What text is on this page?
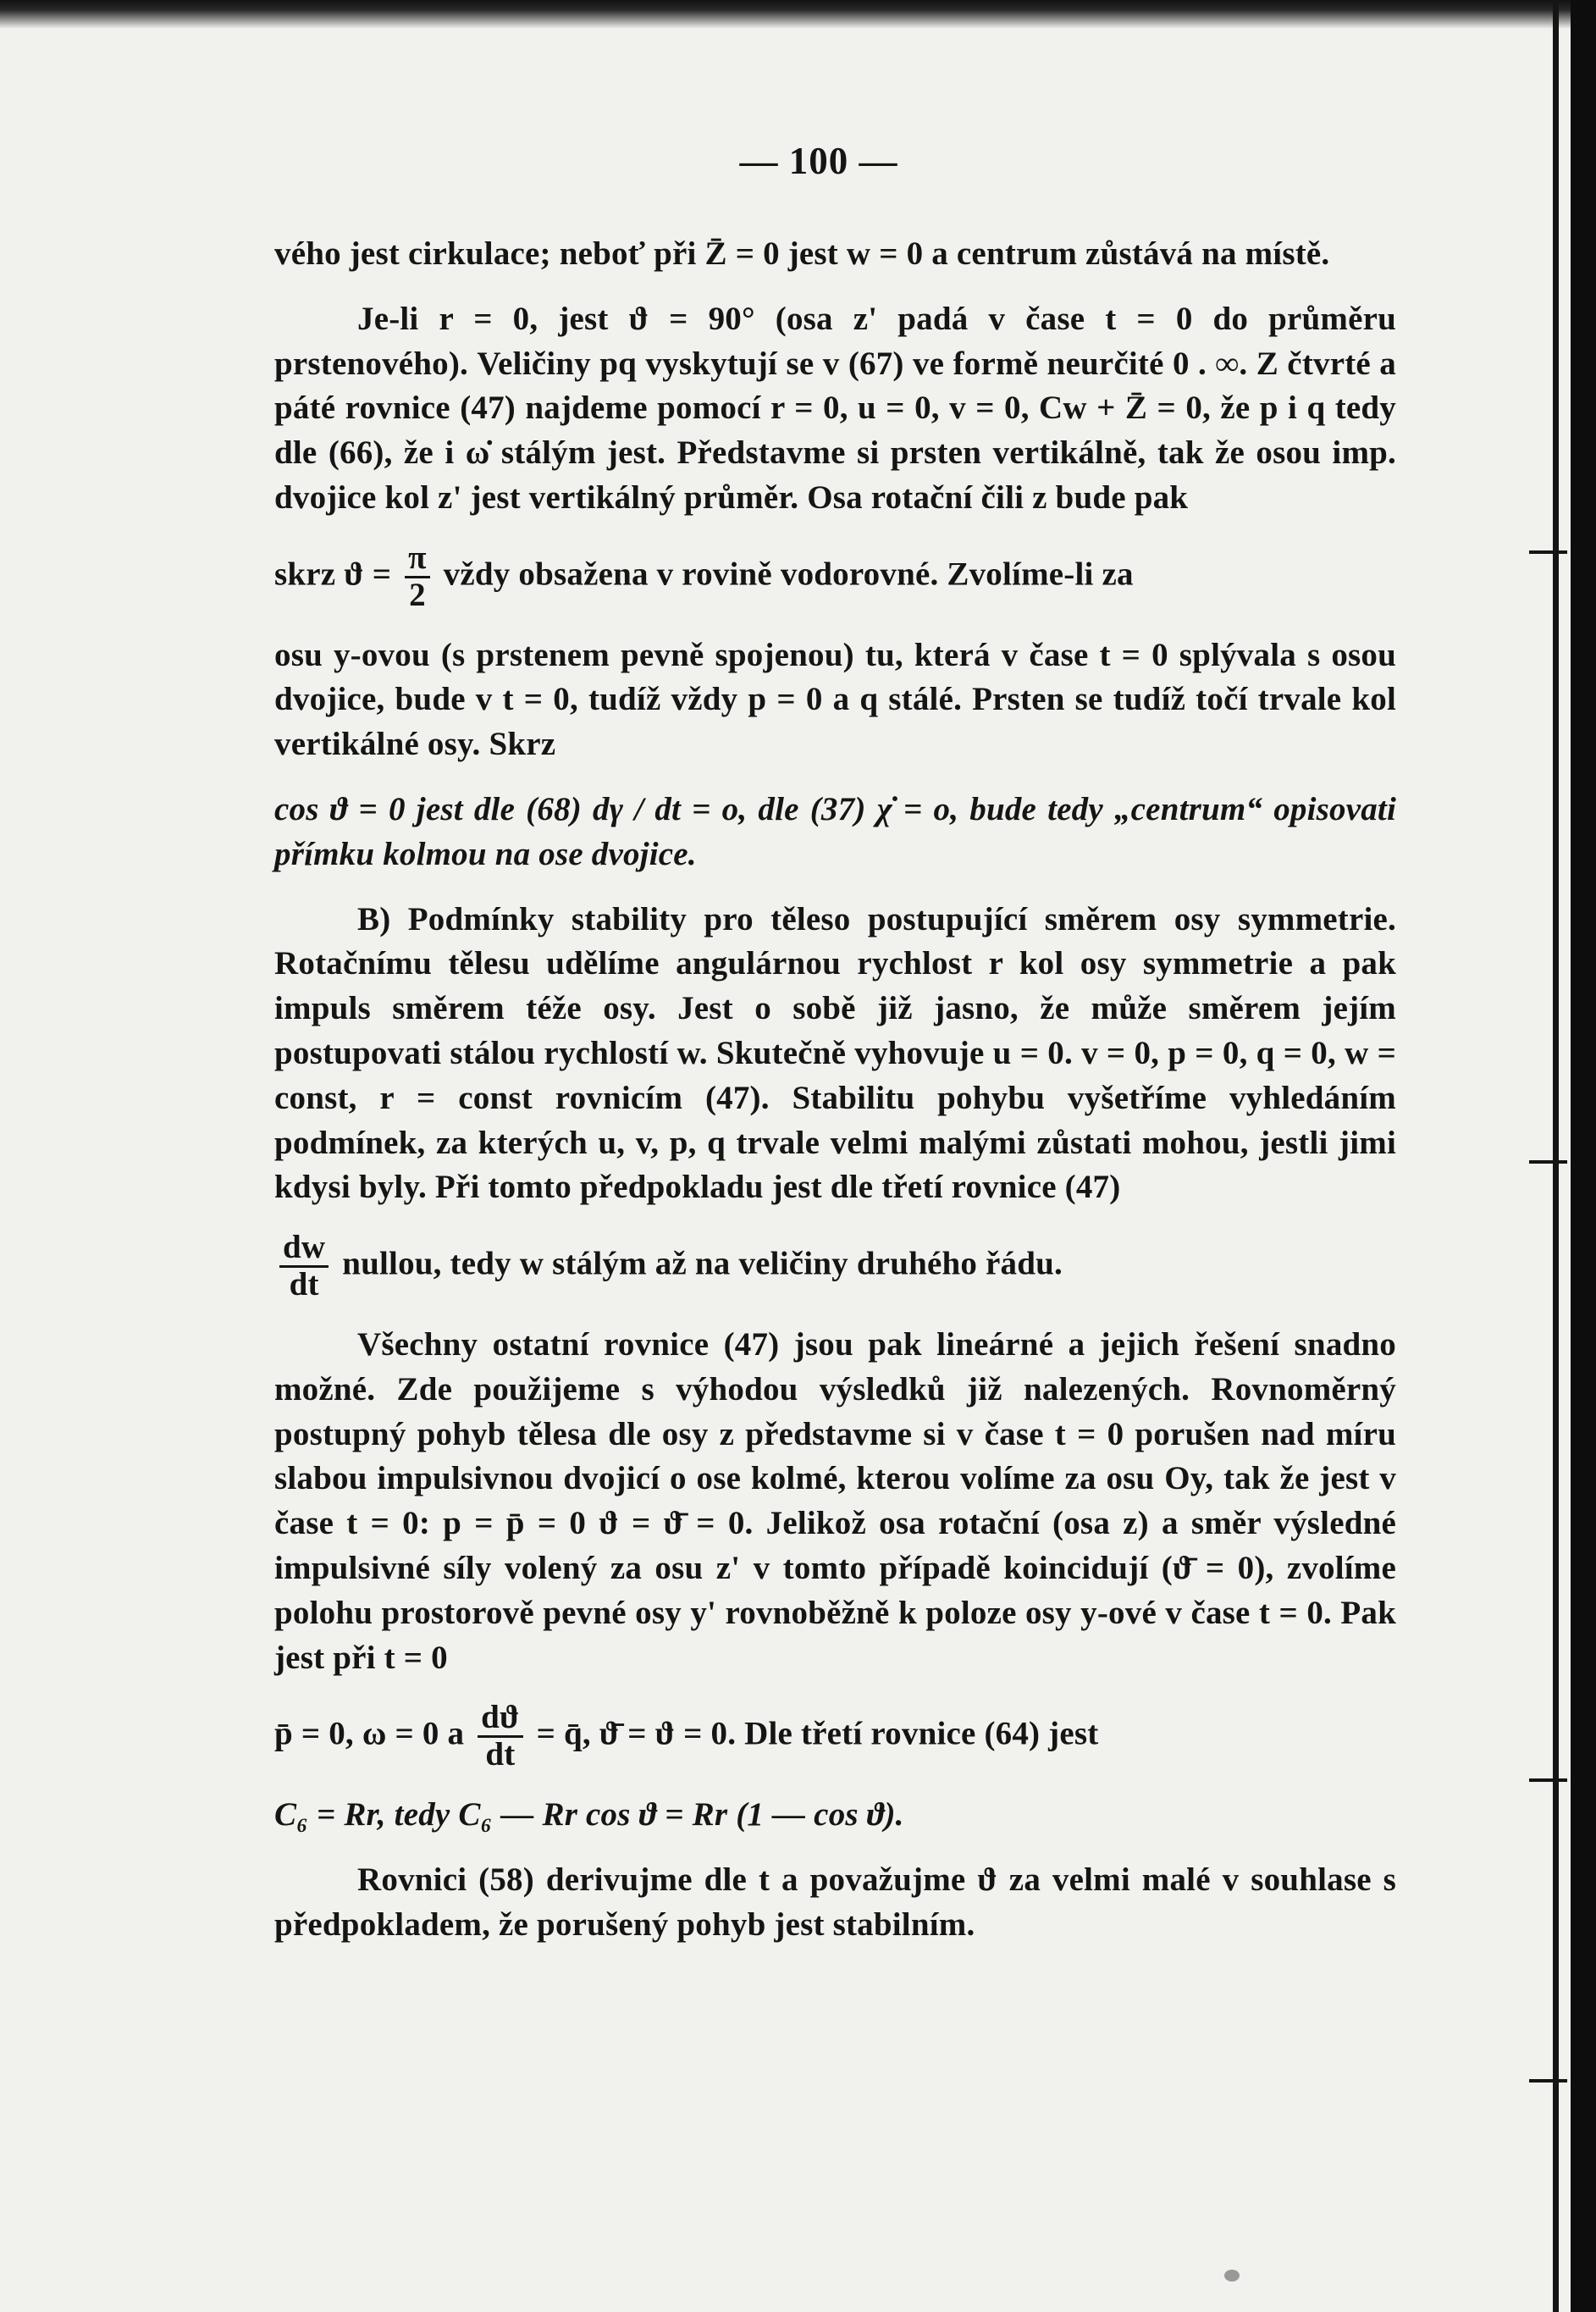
— 100 —

vého jest cirkulace; neboť při Z̄ = 0 jest w = 0 a centrum zůstává na místě.

Je-li r = 0, jest ϑ = 90° (osa z' padá v čase t = 0 do průměru prstenového). Veličiny pq vyskytují se v (67) ve formě neurčité 0 . ∞. Z čtvrté a páté rovnice (47) najdeme pomocí r = 0, u = 0, v = 0, Cw + Z̄ = 0, že p i q tedy dle (66), že i ω̇ stálým jest. Představme si prsten vertikálně, tak že osou imp. dvojice kol z' jest vertikálný průměr. Osa rotační čili z bude pak

skrz $ϑ = \frac{\pi}{2}$ vždy obsažena v rovině vodorovné. Zvolíme-li za

osu y-ovou (s prstenem pevně spojenou) tu, která v čase t = 0 splývala s osou dvojice, bude v t = 0, tudíž vždy p = 0 a q stálé. Prsten se tudíž točí trvale kol vertikálné osy. Skrz

cos ϑ = 0 jest dle (68) dγ / dt = o, dle (37) χ̇ = o, bude tedy „centrum“ opisovati přímku kolmou na ose dvojice.

B) Podmínky stability pro těleso postupující směrem osy symmetrie. Rotačnímu tělesu udělíme angulárnou rychlost r kol osy symmetrie a pak impuls směrem téže osy. Jest o sobě již jasno, že může směrem jejím postupovati stálou rychlostí w. Skutečně vyhovuje u = 0. v = 0, p = 0, q = 0, w = const, r = const rovnicím (47). Stabilitu pohybu vyšetříme vyhledáním podmínek, za kterých u, v, p, q trvale velmi malými zůstati mohou, jestli jimi kdysi byly. Při tomto předpokladu jest dle třetí rovnice (47)

$\frac{dw}{dt}$ nullou, tedy w stálým až na veličiny druhého řádu.

Všechny ostatní rovnice (47) jsou pak lineárné a jejich řešení snadno možné. Zde použijeme s výhodou výsledků již nalezených. Rovnoměrný postupný pohyb tělesa dle osy z představme si v čase t = 0 porušen nad míru slabou impulsivnou dvojicí o ose kolmé, kterou volíme za osu Oy, tak že jest v čase t = 0: p = p̄ = 0 ϑ = ϑ̄ = 0. Jelikož osa rotační (osa z) a směr výsledné impulsivné síly volený za osu z' v tomto případě koincidují (ϑ̄ = 0), zvolíme polohu prostorově pevné osy y' rovnoběžně k poloze osy y-ové v čase t = 0. Pak jest při t = 0

p̄ = 0, ω = 0 a $\frac{dϑ}{dt}$ = q̄, ϑ̄ = ϑ = 0. Dle třetí rovnice (64) jest

C₆ = Rr, tedy C₆ — Rr cos ϑ = Rr (1 — cos ϑ).

Rovnici (58) derivujme dle t a považujme ϑ za velmi malé v souhlase s předpokladem, že porušený pohyb jest stabilním.
